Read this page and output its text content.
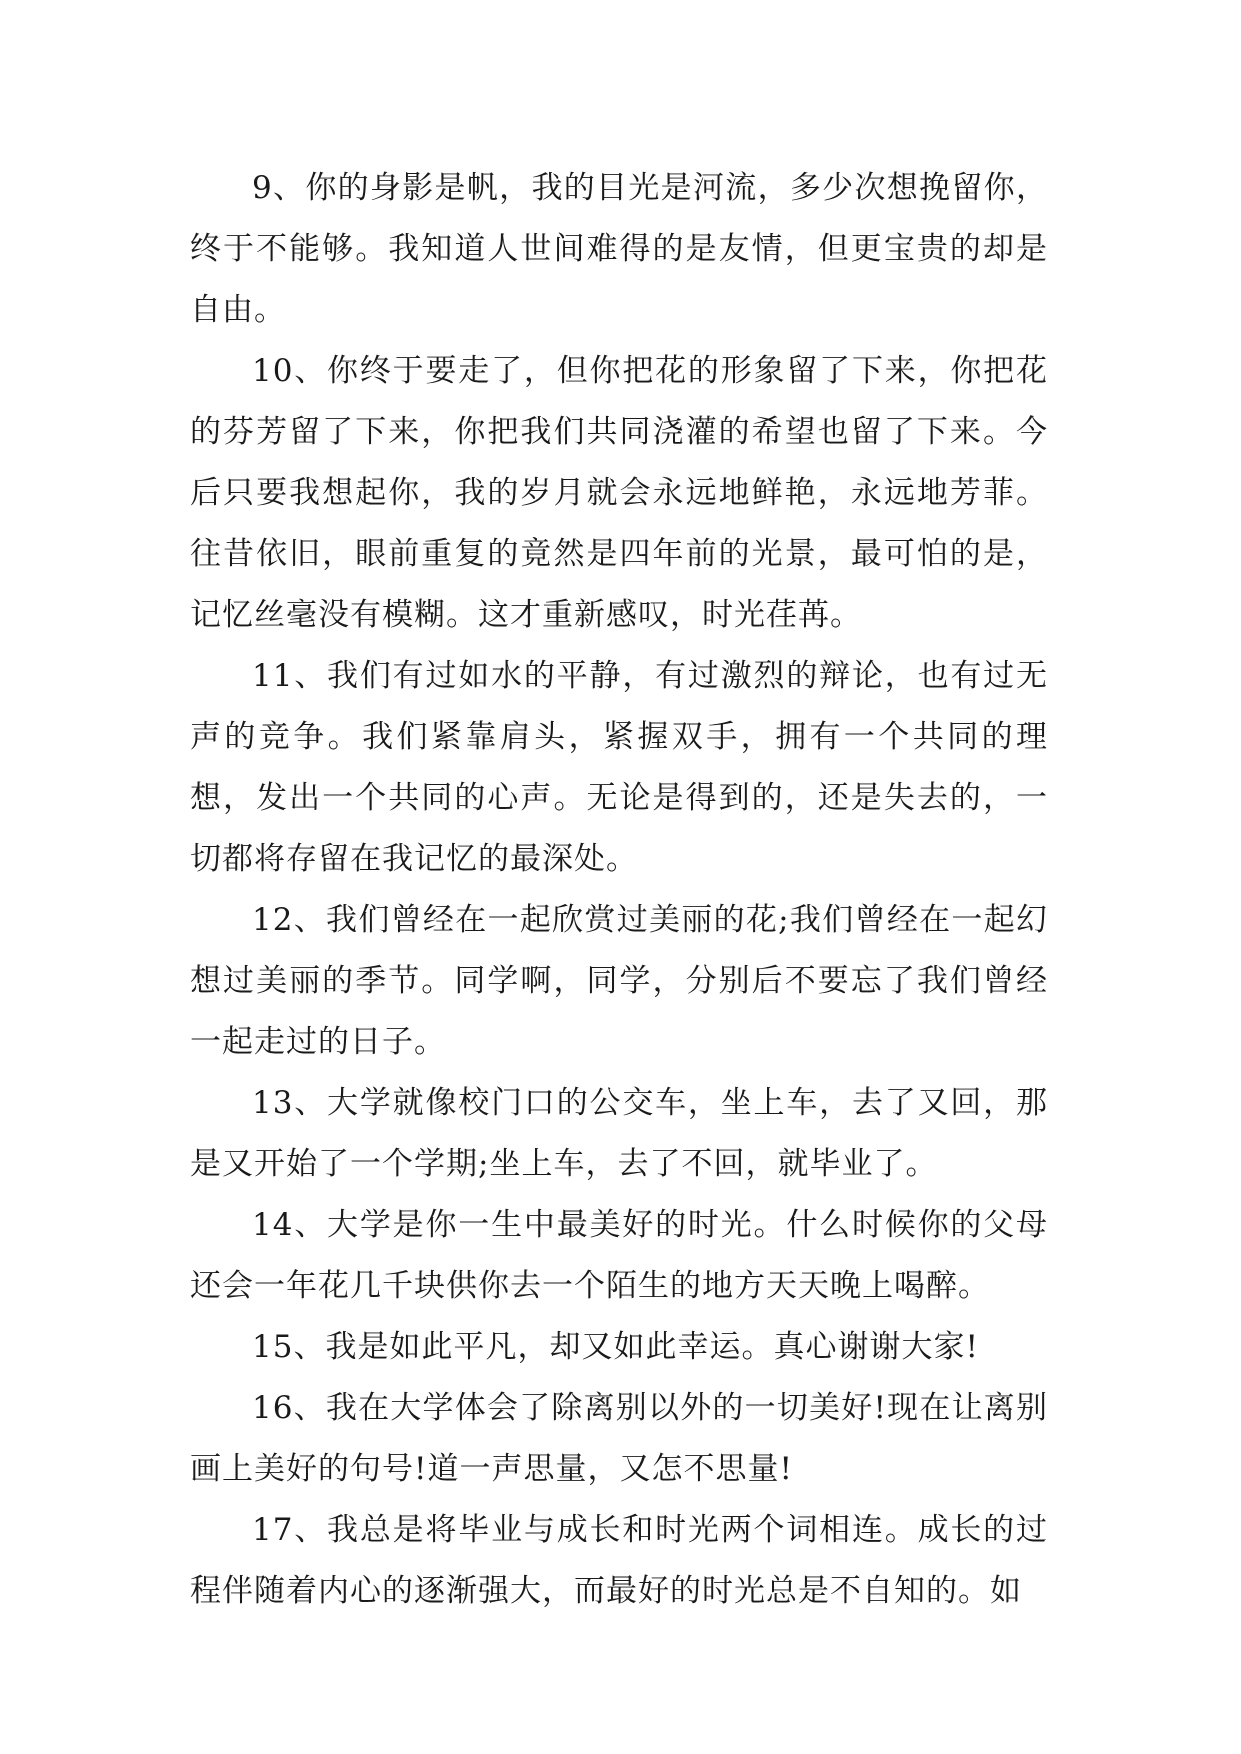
9、你的身影是帆，我的目光是河流，多少次想挽留你，终于不能够。我知道人世间难得的是友情，但更宝贵的却是自由。

10、你终于要走了，但你把花的形象留了下来，你把花的芬芳留了下来，你把我们共同浇灌的希望也留了下来。今后只要我想起你，我的岁月就会永远地鲜艳，永远地芳菲。往昔依旧，眼前重复的竟然是四年前的光景，最可怕的是，记忆丝毫没有模糊。这才重新感叹，时光荏苒。

11、我们有过如水的平静，有过激烈的辩论，也有过无声的竞争。我们紧靠肩头，紧握双手，拥有一个共同的理想，发出一个共同的心声。无论是得到的，还是失去的，一切都将存留在我记忆的最深处。

12、我们曾经在一起欣赏过美丽的花;我们曾经在一起幻想过美丽的季节。同学啊，同学，分别后不要忘了我们曾经一起走过的日子。

13、大学就像校门口的公交车，坐上车，去了又回，那是又开始了一个学期;坐上车，去了不回，就毕业了。

14、大学是你一生中最美好的时光。什么时候你的父母还会一年花几千块供你去一个陌生的地方天天晚上喝醉。

15、我是如此平凡，却又如此幸运。真心谢谢大家!

16、我在大学体会了除离别以外的一切美好!现在让离别画上美好的句号!道一声思量，又怎不思量!

17、我总是将毕业与成长和时光两个词相连。成长的过程伴随着内心的逐渐强大，而最好的时光总是不自知的。如
